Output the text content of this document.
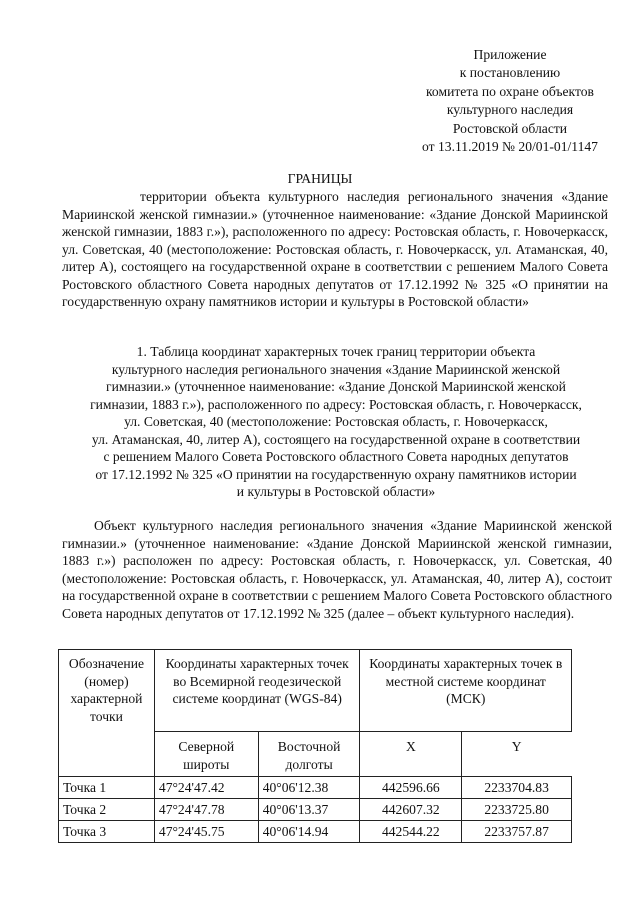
Приложение
к постановлению
комитета по охране объектов
культурного наследия
Ростовской области
от 13.11.2019 № 20/01-01/1147
ГРАНИЦЫ
территории объекта культурного наследия регионального значения «Здание Мариинской женской гимназии.» (уточненное наименование: «Здание Донской Мариинской женской гимназии, 1883 г.»), расположенного по адресу: Ростовская область, г. Новочеркасск, ул. Советская, 40 (местоположение: Ростовская область, г. Новочеркасск, ул. Атаманская, 40, литер А), состоящего на государственной охране в соответствии с решением Малого Совета Ростовского областного Совета народных депутатов от 17.12.1992 № 325 «О принятии на государственную охрану памятников истории и культуры в Ростовской области»
1. Таблица координат характерных точек границ территории объекта
культурного наследия регионального значения «Здание Мариинской женской
гимназии.» (уточненное наименование: «Здание Донской Мариинской женской
гимназии, 1883 г.»), расположенного по адресу: Ростовская область, г. Новочеркасск,
ул. Советская, 40 (местоположение: Ростовская область, г. Новочеркасск,
ул. Атаманская, 40, литер А), состоящего на государственной охране в соответствии
с решением Малого Совета Ростовского областного Совета народных депутатов
от 17.12.1992 № 325 «О принятии на государственную охрану памятников истории
и культуры в Ростовской области»
Объект культурного наследия регионального значения «Здание Мариинской женской гимназии.» (уточненное наименование: «Здание Донской Мариинской женской гимназии, 1883 г.») расположен по адресу: Ростовская область, г. Новочеркасск, ул. Советская, 40 (местоположение: Ростовская область, г. Новочеркасск, ул. Атаманская, 40, литер А), состоит на государственной охране в соответствии с решением Малого Совета Ростовского областного Совета народных депутатов от 17.12.1992 № 325 (далее – объект культурного наследия).
Обозначение (номер) характерной точки	Координаты характерных точек во Всемирной геодезической системе координат (WGS-84)		Координаты характерных точек в местной системе координат (МСК)	
	Северной широты	Восточной долготы	X	Y
Точка 1	47°24'47.42	40°06'12.38	442596.66	2233704.83
Точка 2	47°24'47.78	40°06'13.37	442607.32	2233725.80
Точка 3	47°24'45.75	40°06'14.94	442544.22	2233757.87
